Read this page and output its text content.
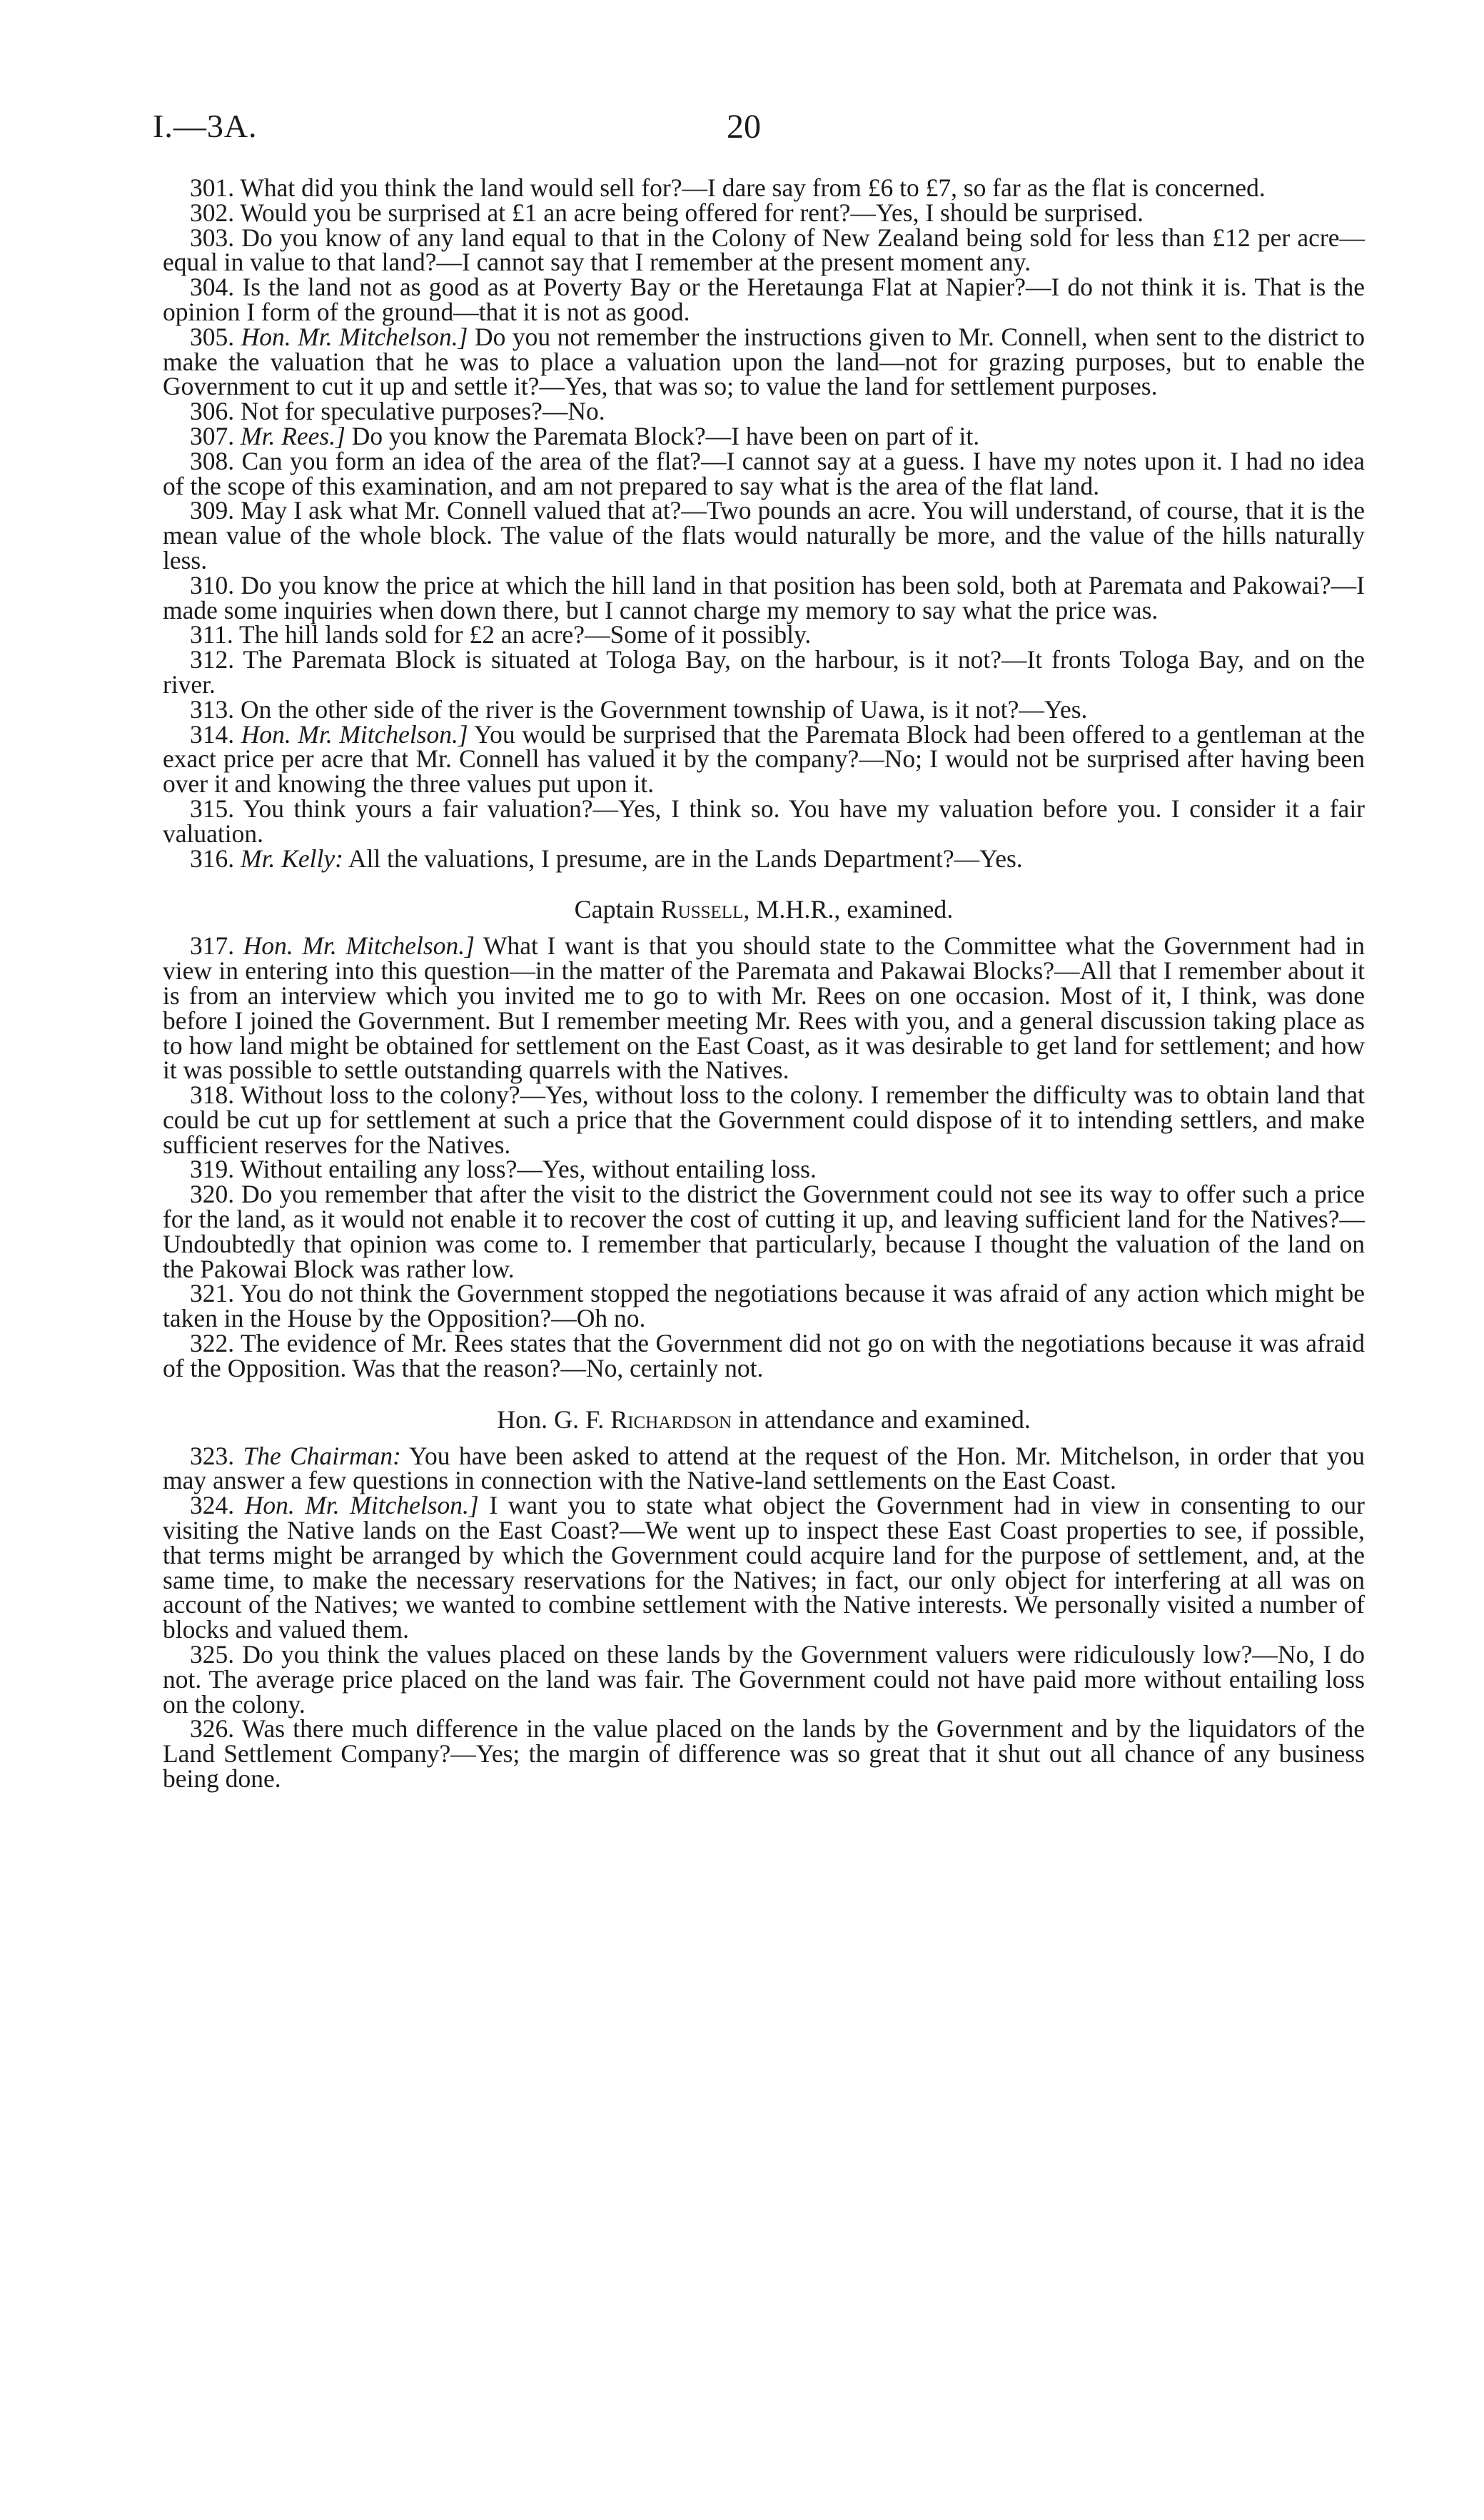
I.—3A.	20

301. What did you think the land would sell for?—I dare say from £6 to £7, so far as the flat is concerned.

302. Would you be surprised at £1 an acre being offered for rent?—Yes, I should be surprised.

303. Do you know of any land equal to that in the Colony of New Zealand being sold for less than £12 per acre—equal in value to that land?—I cannot say that I remember at the present moment any.

304. Is the land not as good as at Poverty Bay or the Heretaunga Flat at Napier?—I do not think it is. That is the opinion I form of the ground—that it is not as good.

305. Hon. Mr. Mitchelson.] Do you not remember the instructions given to Mr. Connell, when sent to the district to make the valuation that he was to place a valuation upon the land—not for grazing purposes, but to enable the Government to cut it up and settle it?—Yes, that was so; to value the land for settlement purposes.

306. Not for speculative purposes?—No.

307. Mr. Rees.] Do you know the Paremata Block?—I have been on part of it.

308. Can you form an idea of the area of the flat?—I cannot say at a guess. I have my notes upon it. I had no idea of the scope of this examination, and am not prepared to say what is the area of the flat land.

309. May I ask what Mr. Connell valued that at?—Two pounds an acre. You will understand, of course, that it is the mean value of the whole block. The value of the flats would naturally be more, and the value of the hills naturally less.

310. Do you know the price at which the hill land in that position has been sold, both at Paremata and Pakowai?—I made some inquiries when down there, but I cannot charge my memory to say what the price was.

311. The hill lands sold for £2 an acre?—Some of it possibly.

312. The Paremata Block is situated at Tologa Bay, on the harbour, is it not?—It fronts Tologa Bay, and on the river.

313. On the other side of the river is the Government township of Uawa, is it not?—Yes.

314. Hon. Mr. Mitchelson.] You would be surprised that the Paremata Block had been offered to a gentleman at the exact price per acre that Mr. Connell has valued it by the company?—No; I would not be surprised after having been over it and knowing the three values put upon it.

315. You think yours a fair valuation?—Yes, I think so. You have my valuation before you. I consider it a fair valuation.

316. Mr. Kelly: All the valuations, I presume, are in the Lands Department?—Yes.

Captain Russell, M.H.R., examined.

317. Hon. Mr. Mitchelson.] What I want is that you should state to the Committee what the Government had in view in entering into this question—in the matter of the Paremata and Pakawai Blocks?—All that I remember about it is from an interview which you invited me to go to with Mr. Rees on one occasion. Most of it, I think, was done before I joined the Government. But I remember meeting Mr. Rees with you, and a general discussion taking place as to how land might be obtained for settlement on the East Coast, as it was desirable to get land for settlement; and how it was possible to settle outstanding quarrels with the Natives.

318. Without loss to the colony?—Yes, without loss to the colony. I remember the difficulty was to obtain land that could be cut up for settlement at such a price that the Government could dispose of it to intending settlers, and make sufficient reserves for the Natives.

319. Without entailing any loss?—Yes, without entailing loss.

320. Do you remember that after the visit to the district the Government could not see its way to offer such a price for the land, as it would not enable it to recover the cost of cutting it up, and leaving sufficient land for the Natives?—Undoubtedly that opinion was come to. I remember that particularly, because I thought the valuation of the land on the Pakowai Block was rather low.

321. You do not think the Government stopped the negotiations because it was afraid of any action which might be taken in the House by the Opposition?—Oh no.

322. The evidence of Mr. Rees states that the Government did not go on with the negotiations because it was afraid of the Opposition. Was that the reason?—No, certainly not.

Hon. G. F. Richardson in attendance and examined.

323. The Chairman: You have been asked to attend at the request of the Hon. Mr. Mitchelson, in order that you may answer a few questions in connection with the Native-land settlements on the East Coast.

324. Hon. Mr. Mitchelson.] I want you to state what object the Government had in view in consenting to our visiting the Native lands on the East Coast?—We went up to inspect these East Coast properties to see, if possible, that terms might be arranged by which the Government could acquire land for the purpose of settlement, and, at the same time, to make the necessary reservations for the Natives; in fact, our only object for interfering at all was on account of the Natives; we wanted to combine settlement with the Native interests. We personally visited a number of blocks and valued them.

325. Do you think the values placed on these lands by the Government valuers were ridiculously low?—No, I do not. The average price placed on the land was fair. The Government could not have paid more without entailing loss on the colony.

326. Was there much difference in the value placed on the lands by the Government and by the liquidators of the Land Settlement Company?—Yes; the margin of difference was so great that it shut out all chance of any business being done.
